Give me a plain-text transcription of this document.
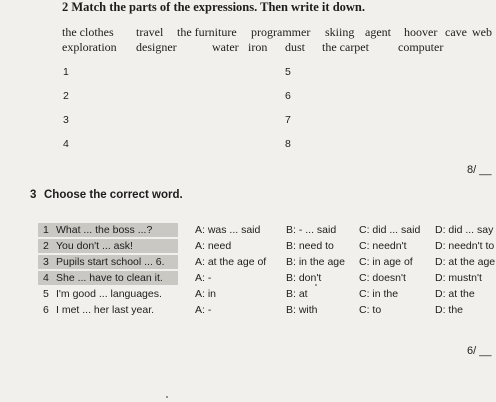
2 Match the parts of the expressions. Then write it down.
the clothes travel the furniture programmer skiing agent hoover cave web
exploration designer	water iron dust the carpet computer
1
2
3
4
5
6
7
8
8/ __
3 Choose the correct word.
1 What ... the boss ...?	A: was ... said B: - ... said C: did ... said D: did ... say
2 You don't ... ask!	A: need	B: need to C: needn't	D: needn't to
3 Pupils start school ... 6.	A: at the age of B: in the age C: in age of D: at the age
4 She ... have to clean it.	A: -	B: don't	C: doesn't	D: mustn't
5 I'm good ... languages.	A: in	B: at	C: in the	D: at the
6 I met ... her last year.	A: -	B: with	C: to	D: the
6/ __
